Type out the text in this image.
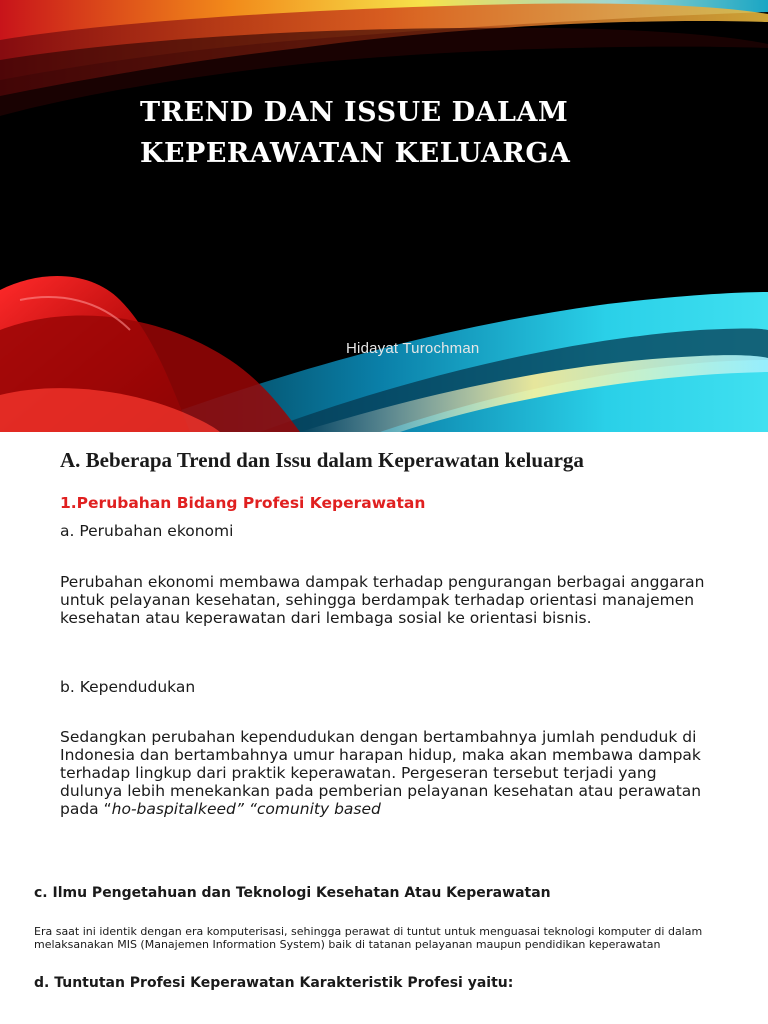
TREND DAN ISSUE DALAM
KEPERAWATAN KELUARGA
Hidayat Turochman
A. Beberapa Trend dan Issu dalam Keperawatan keluarga

1.Perubahan Bidang Profesi Keperawatan

a. Perubahan ekonomi

Perubahan ekonomi membawa dampak terhadap pengurangan berbagai anggaran untuk pelayanan kesehatan, sehingga berdampak terhadap orientasi manajemen kesehatan atau keperawatan dari lembaga sosial ke orientasi bisnis.

b. Kependudukan

Sedangkan perubahan kependudukan dengan bertambahnya jumlah penduduk di Indonesia dan bertambahnya umur harapan hidup, maka akan membawa dampak terhadap lingkup dari praktik keperawatan. Pergeseran tersebut terjadi yang dulunya lebih menekankan pada pemberian pelayanan kesehatan atau perawatan pada “ho-baspitalkeed” “comunity based

c. Ilmu Pengetahuan dan Teknologi Kesehatan Atau Keperawatan

Era saat ini identik dengan era komputerisasi, sehingga perawat di tuntut untuk menguasai teknologi komputer di dalam melaksanakan MIS (Manajemen Information System) baik di tatanan pelayanan maupun pendidikan keperawatan

d. Tuntutan Profesi Keperawatan Karakteristik Profesi yaitu:
